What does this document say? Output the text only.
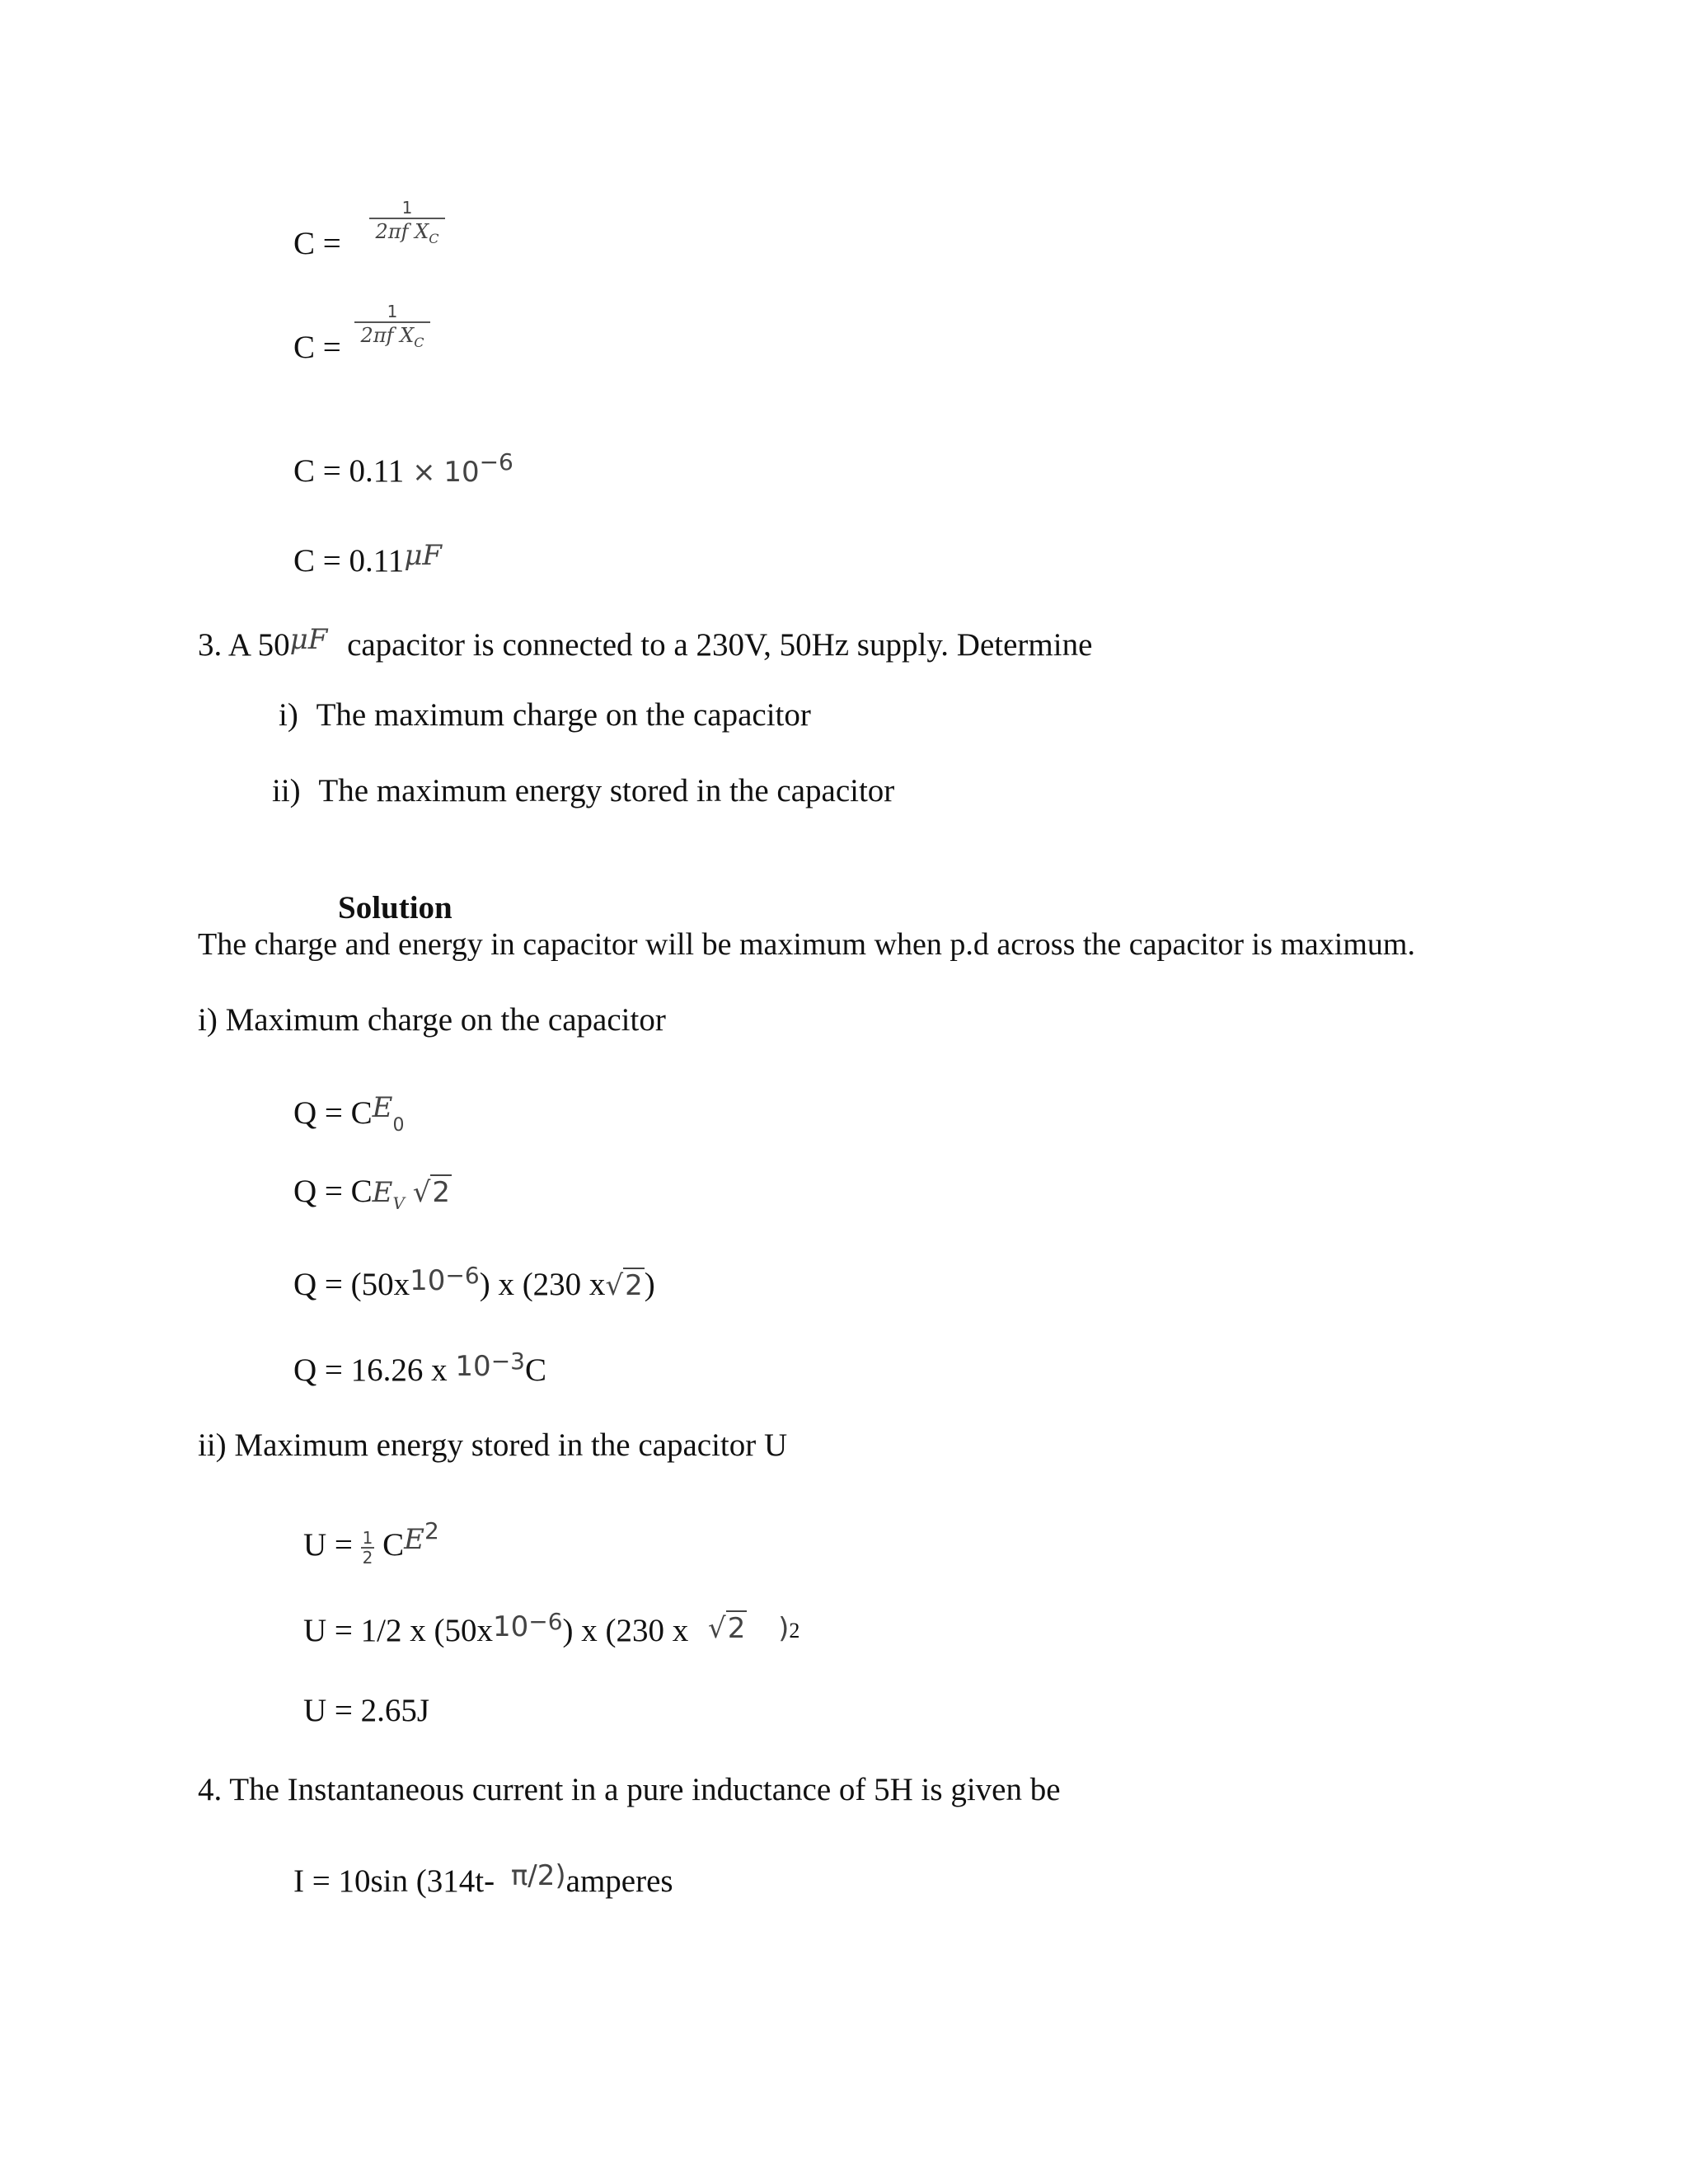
C =
1
2πf $X_C$
C =
1
2πf $X_C$
$C = 0.11 \times 10^{-6}$
C = 0.11μF
3. A 50μF capacitor is connected to a 230V, 50Hz supply. Determine
i) The maximum charge on the capacitor
ii) The maximum energy stored in the capacitor
Solution
The charge and energy in capacitor will be maximum when p.d across the capacitor is maximum.
i) Maximum charge on the capacitor
$Q = CE_0$
$Q = CE_V$ √2
$Q = (50x10^{-6})$ x (230 x√2)
Q = 16.26 x $10^{-3}C$
ii) Maximum energy stored in the capacitor U
$U = \frac{1}{2} CE^2$
U = 1/2 x $(50x10^{-6})$ x (230 x √2 )2
U = 2.65J
4. The Instantaneous current in a pure inductance of 5H is given be
I = 10sin (314t- π/2)amperes
